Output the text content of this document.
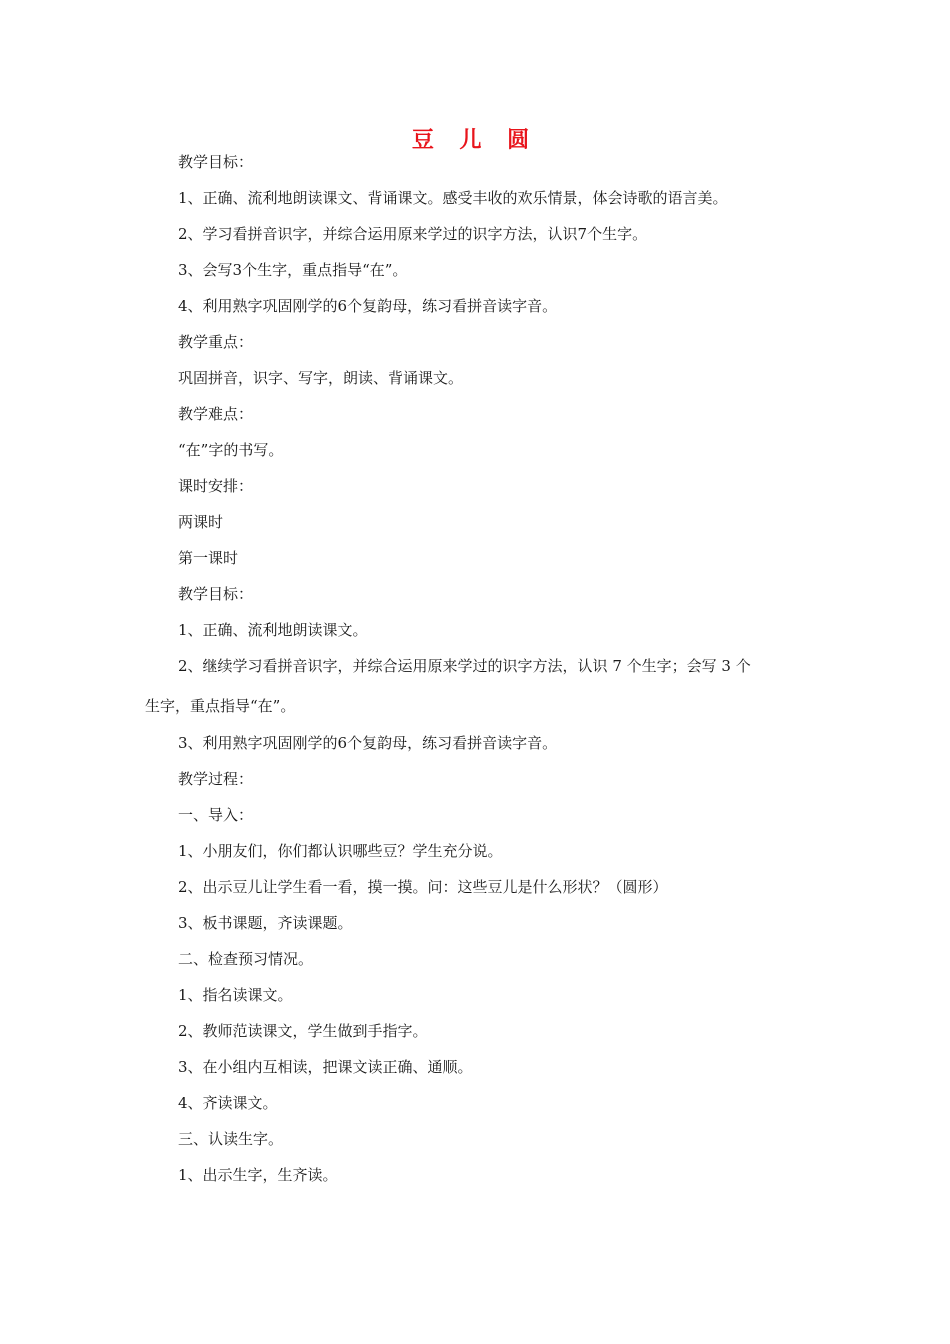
豆 儿 圆
教学目标：
1、正确、流利地朗读课文、背诵课文。感受丰收的欢乐情景，体会诗歌的语言美。
2、学习看拼音识字，并综合运用原来学过的识字方法，认识7个生字。
3、会写3个生字，重点指导“在”。
4、利用熟字巩固刚学的6个复韵母，练习看拼音读字音。
教学重点：
巩固拼音，识字、写字，朗读、背诵课文。
教学难点：
“在”字的书写。
课时安排：
两课时
第一课时
教学目标：
1、正确、流利地朗读课文。
2、继续学习看拼音识字，并综合运用原来学过的识字方法，认识 7 个生字；会写 3 个
生字，重点指导“在”。
3、利用熟字巩固刚学的6个复韵母，练习看拼音读字音。
教学过程：
一、导入：
1、小朋友们，你们都认识哪些豆？学生充分说。
2、出示豆儿让学生看一看，摸一摸。问：这些豆儿是什么形状？（圆形）
3、板书课题，齐读课题。
二、检查预习情况。
1、指名读课文。
2、教师范读课文，学生做到手指字。
3、在小组内互相读，把课文读正确、通顺。
4、齐读课文。
三、认读生字。
1、出示生字，生齐读。
